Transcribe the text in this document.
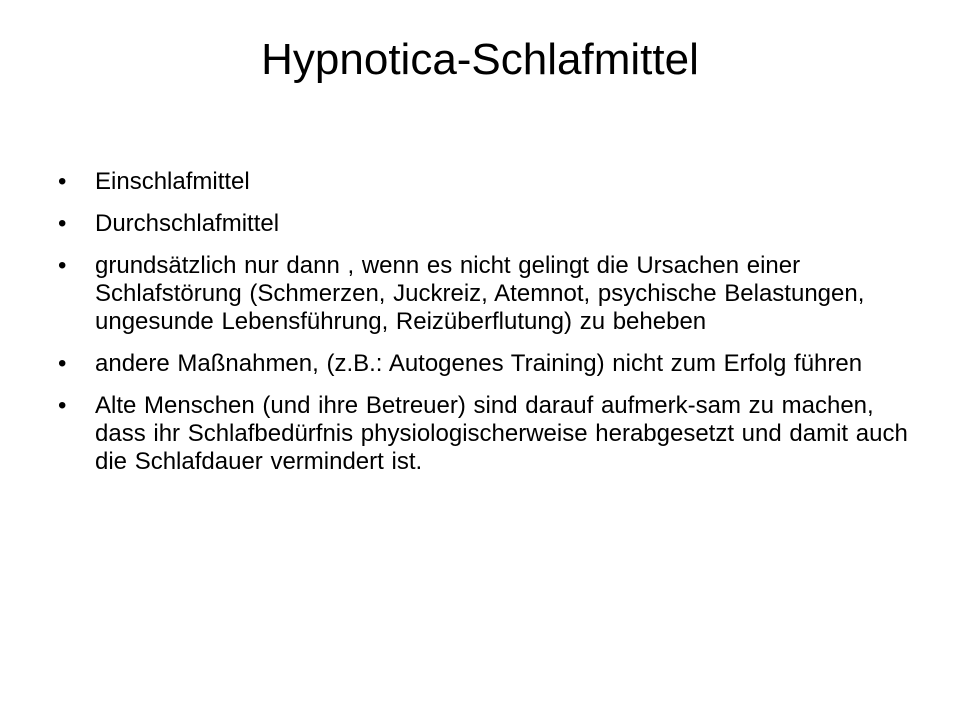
Hypnotica-Schlafmittel
•	Einschlafmittel
•	Durchschlafmittel
•	grundsätzlich nur dann , wenn es nicht gelingt die Ursachen einer Schlafstörung (Schmerzen, Juckreiz, Atemnot, psychische Belastungen, ungesunde Lebensführung, Reizüberflutung) zu beheben
•	andere Maßnahmen, (z.B.: Autogenes Training) nicht zum Erfolg führen
•	Alte Menschen (und ihre Betreuer) sind darauf aufmerk-sam zu machen, dass ihr Schlafbedürfnis physiologischerweise herabgesetzt und damit auch die Schlafdauer vermindert ist.
